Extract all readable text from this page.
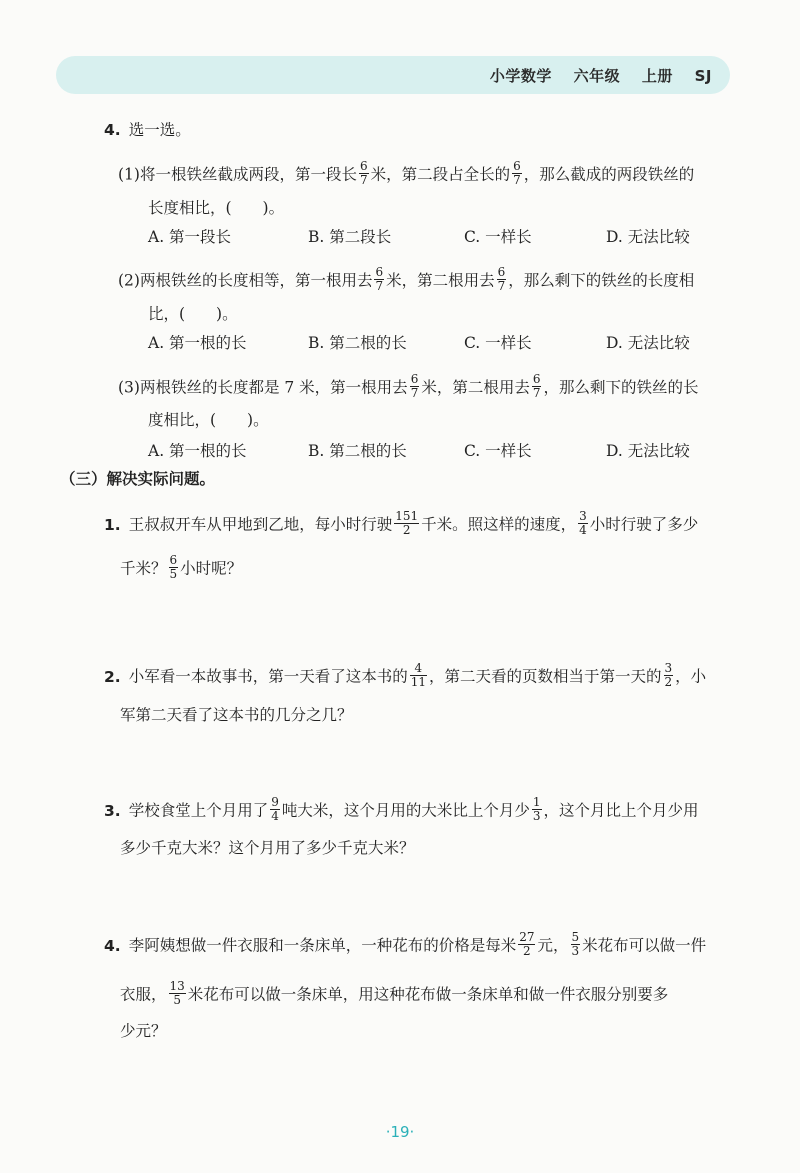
小学数学 六年级 上册 SJ
4. 选一选。
(1)将一根铁丝截成两段，第一段长 $\frac{6}{7}$ 米，第二段占全长的 $\frac{6}{7}$ ，那么截成的两段铁丝的
长度相比，(　　)。
A. 第一段长	B. 第二段长	C. 一样长	D. 无法比较
(2)两根铁丝的长度相等，第一根用去 $\frac{6}{7}$ 米，第二根用去 $\frac{6}{7}$ ，那么剩下的铁丝的长度相
比，(　　)。
A. 第一根的长	B. 第二根的长	C. 一样长	D. 无法比较
(3)两根铁丝的长度都是 7 米，第一根用去 $\frac{6}{7}$ 米，第二根用去 $\frac{6}{7}$ ，那么剩下的铁丝的长
度相比，(　　)。
A. 第一根的长	B. 第二根的长	C. 一样长	D. 无法比较
（三）解决实际问题。
1. 王叔叔开车从甲地到乙地，每小时行驶 $\frac{151}{2}$ 千米。照这样的速度， $\frac{3}{4}$ 小时行驶了多少
千米？ $\frac{6}{5}$ 小时呢？
2. 小军看一本故事书，第一天看了这本书的 $\frac{4}{11}$ ，第二天看的页数相当于第一天的 $\frac{3}{2}$ ，小
军第二天看了这本书的几分之几？
3. 学校食堂上个月用了 $\frac{9}{4}$ 吨大米，这个月用的大米比上个月少 $\frac{1}{3}$ ，这个月比上个月少用
多少千克大米？这个月用了多少千克大米？
4. 李阿姨想做一件衣服和一条床单，一种花布的价格是每米 $\frac{27}{2}$ 元， $\frac{5}{3}$ 米花布可以做一件
衣服， $\frac{13}{5}$ 米花布可以做一条床单，用这种花布做一条床单和做一件衣服分别要多
少元？
·19·
